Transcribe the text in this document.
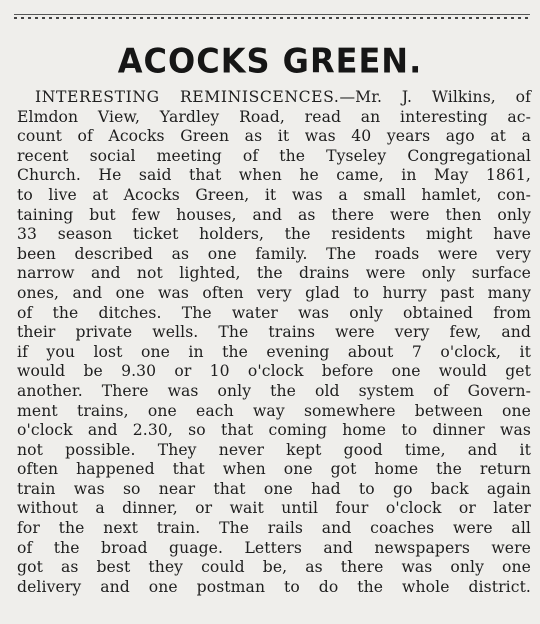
ACOCKS GREEN.
INTERESTING REMINISCENCES.—Mr. J. Wilkins, of
Elmdon View, Yardley Road, read an interesting ac-
count of Acocks Green as it was 40 years ago at a
recent social meeting of the Tyseley Congregational
Church. He said that when he came, in May 1861,
to live at Acocks Green, it was a small hamlet, con-
taining but few houses, and as there were then only
33 season ticket holders, the residents might have
been described as one family. The roads were very
narrow and not lighted, the drains were only surface
ones, and one was often very glad to hurry past many
of the ditches. The water was only obtained from
their private wells. The trains were very few, and
if you lost one in the evening about 7 o'clock, it
would be 9.30 or 10 o'clock before one would get
another. There was only the old system of Govern-
ment trains, one each way somewhere between one
o'clock and 2.30, so that coming home to dinner was
not possible. They never kept good time, and it
often happened that when one got home the return
train was so near that one had to go back again
without a dinner, or wait until four o'clock or later
for the next train. The rails and coaches were all
of the broad guage. Letters and newspapers were
got as best they could be, as there was only one
delivery and one postman to do the whole district.
